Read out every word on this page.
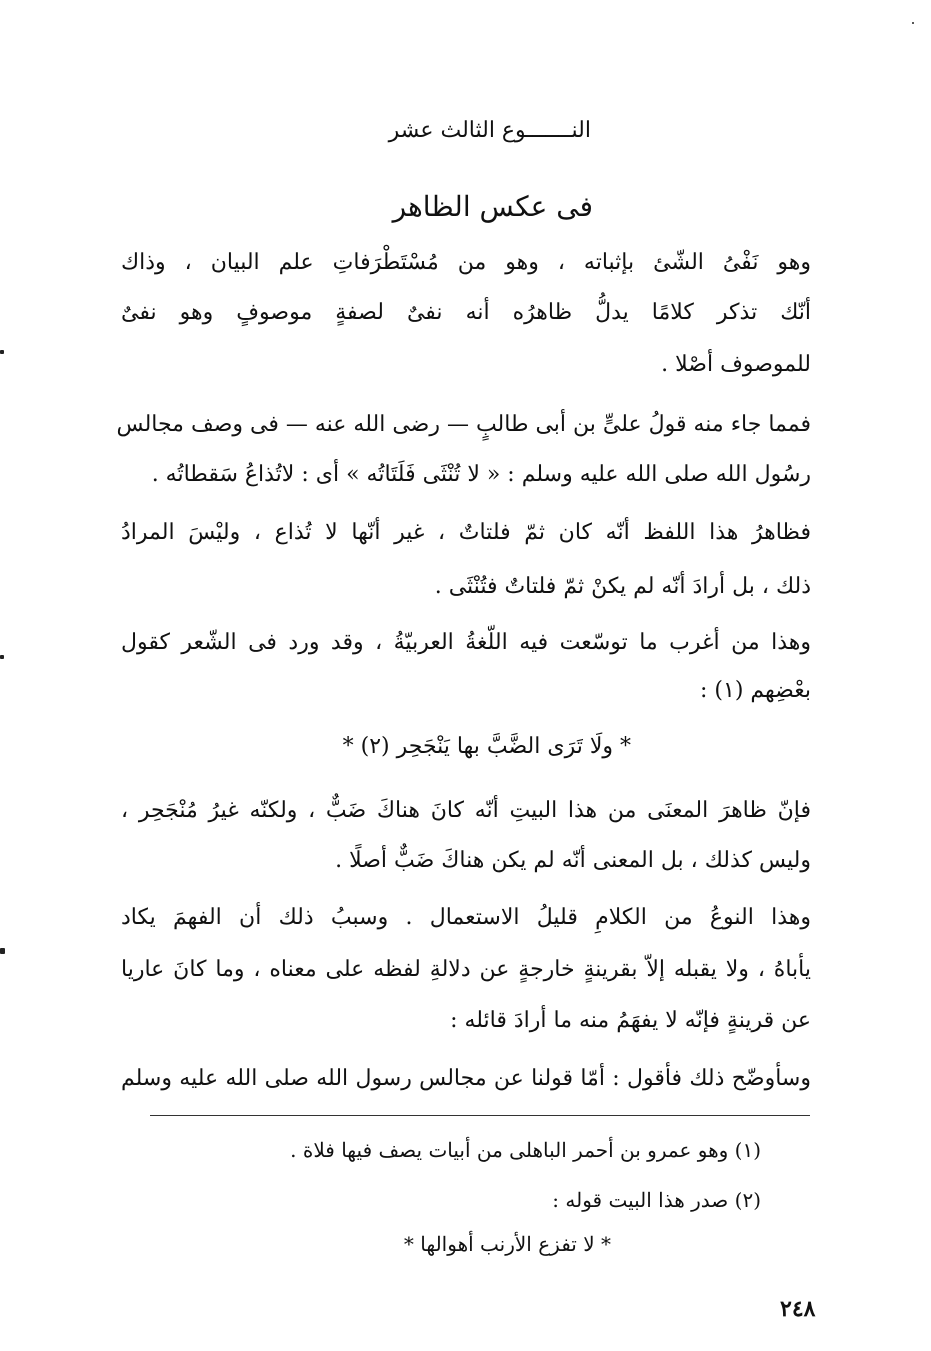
النـــــــوع الثالث عشر
فى عكس الظاهر
وهو نَفْىُ الشّئ بإثباته ، وهو من مُسْتَطْرَفاتِ علم البيان ، وذاك
أنّك تذكر كلامًا يدلُّ ظاهرُه أنه نفىٌ لصفةٍ موصوفٍ وهو نفىٌ
للموصوف أصْلا .
فمما جاء منه قولُ علىٍّ بن أبى طالبٍ — رضى الله عنه — فى وصف مجالس
رسُول الله صلى الله عليه وسلم : « لا تُنْثَى فَلَتَاتُه » أى : لاتُذاعُ سَقطاتُه .
فظاهرُ هذا اللفظ أنّه كان ثمّ فلتاتٌ ، غير أنّها لا تُذاع ، وليْسَ المرادُ
ذلك ، بل أرادَ أنّه لم يكنْ ثمّ فلتاتٌ فتُنْثَى .
وهذا من أغرب ما توسّعت فيه اللّغةُ العربيّةُ ، وقد ورد فى الشّعر كقول
بعْضِهم (١) :
* ولَا تَرَى الضَّبَّ بها يَنْجَحِر (٢) *
فإنّ ظاهرَ المعنَى من هذا البيتِ أنّه كانَ هناكَ ضَبٌّ ، ولكنّه غيرُ مُنْجَحِر ،
وليس كذلك ، بل المعنى أنّه لم يكن هناكَ ضَبٌّ أصلًا .
وهذا النوعُ من الكلامِ قليلُ الاستعمال . وسببُ ذلك أن الفهمَ يكاد
يأباهُ ، ولا يقبله إلاّ بقرينةٍ خارجةٍ عن دلالةِ لفظه على معناه ، وما كانَ عاريا
عن قرينةٍ فإنّه لا يفهَمُ منه ما أرادَ قائله :
وسأوضّح ذلك فأقول : أمّا قولنا عن مجالس رسول الله صلى الله عليه وسلم
(١) وهو عمرو بن أحمر الباهلى من أبيات يصف فيها فلاة .
(٢) صدر هذا البيت قوله :
* لا تفزع الأرنب أهوالها *
٢٤٨
